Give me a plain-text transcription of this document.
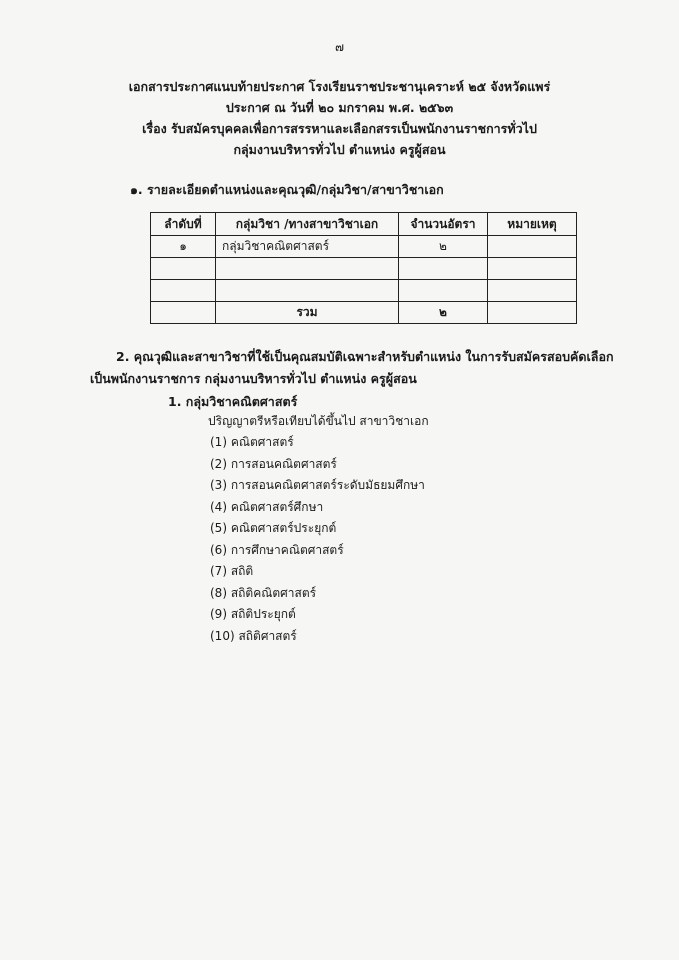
๗
เอกสารประกาศแนบท้ายประกาศ โรงเรียนราชประชานุเคราะห์ ๒๕ จังหวัดแพร่
ประกาศ ณ วันที่ ๒๐ มกราคม พ.ศ. ๒๕๖๓
เรื่อง รับสมัครบุคคลเพื่อการสรรหาและเลือกสรรเป็นพนักงานราชการทั่วไป
กลุ่มงานบริหารทั่วไป ตำแหน่ง ครูผู้สอน
๑. รายละเอียดตำแหน่งและคุณวุฒิ/กลุ่มวิชา/สาขาวิชาเอก
ลำดับที่	กลุ่มวิชา /ทางสาขาวิชาเอก	จำนวนอัตรา	หมายเหตุ
๑	กลุ่มวิชาคณิตศาสตร์	๒	

	รวม	๒	
2. คุณวุฒิและสาขาวิชาที่ใช้เป็นคุณสมบัติเฉพาะสำหรับตำแหน่ง ในการรับสมัครสอบคัดเลือก
เป็นพนักงานราชการ กลุ่มงานบริหารทั่วไป ตำแหน่ง ครูผู้สอน
1. กลุ่มวิชาคณิตศาสตร์
ปริญญาตรีหรือเทียบได้ขึ้นไป สาขาวิชาเอก
(1) คณิตศาสตร์
(2) การสอนคณิตศาสตร์
(3) การสอนคณิตศาสตร์ระดับมัธยมศึกษา
(4) คณิตศาสตร์ศึกษา
(5) คณิตศาสตร์ประยุกต์
(6) การศึกษาคณิตศาสตร์
(7) สถิติ
(8) สถิติคณิตศาสตร์
(9) สถิติประยุกต์
(10) สถิติศาสตร์
